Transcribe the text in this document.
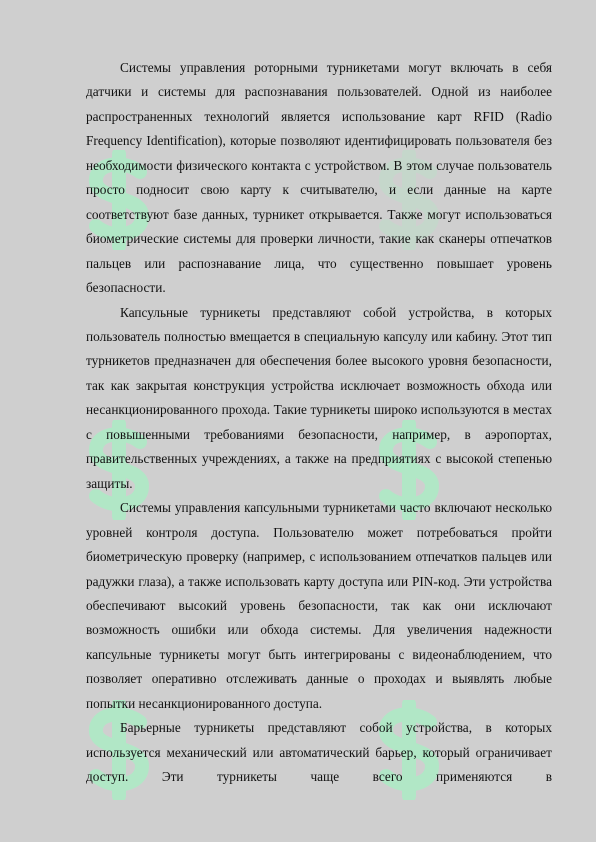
Системы управления роторными турникетами могут включать в себя датчики и системы для распознавания пользователей. Одной из наиболее распространенных технологий является использование карт RFID (Radio Frequency Identification), которые позволяют идентифицировать пользователя без необходимости физического контакта с устройством. В этом случае пользователь просто подносит свою карту к считывателю, и если данные на карте соответствуют базе данных, турникет открывается. Также могут использоваться биометрические системы для проверки личности, такие как сканеры отпечатков пальцев или распознавание лица, что существенно повышает уровень безопасности.

Капсульные турникеты представляют собой устройства, в которых пользователь полностью вмещается в специальную капсулу или кабину. Этот тип турникетов предназначен для обеспечения более высокого уровня безопасности, так как закрытая конструкция устройства исключает возможность обхода или несанкционированного прохода. Такие турникеты широко используются в местах с повышенными требованиями безопасности, например, в аэропортах, правительственных учреждениях, а также на предприятиях с высокой степенью защиты.

Системы управления капсульными турникетами часто включают несколько уровней контроля доступа. Пользователю может потребоваться пройти биометрическую проверку (например, с использованием отпечатков пальцев или радужки глаза), а также использовать карту доступа или PIN-код. Эти устройства обеспечивают высокий уровень безопасности, так как они исключают возможность ошибки или обхода системы. Для увеличения надежности капсульные турникеты могут быть интегрированы с видеонаблюдением, что позволяет оперативно отслеживать данные о проходах и выявлять любые попытки несанкционированного доступа.

Барьерные турникеты представляют собой устройства, в которых используется механический или автоматический барьер, который ограничивает доступ. Эти турникеты чаще всего применяются в
